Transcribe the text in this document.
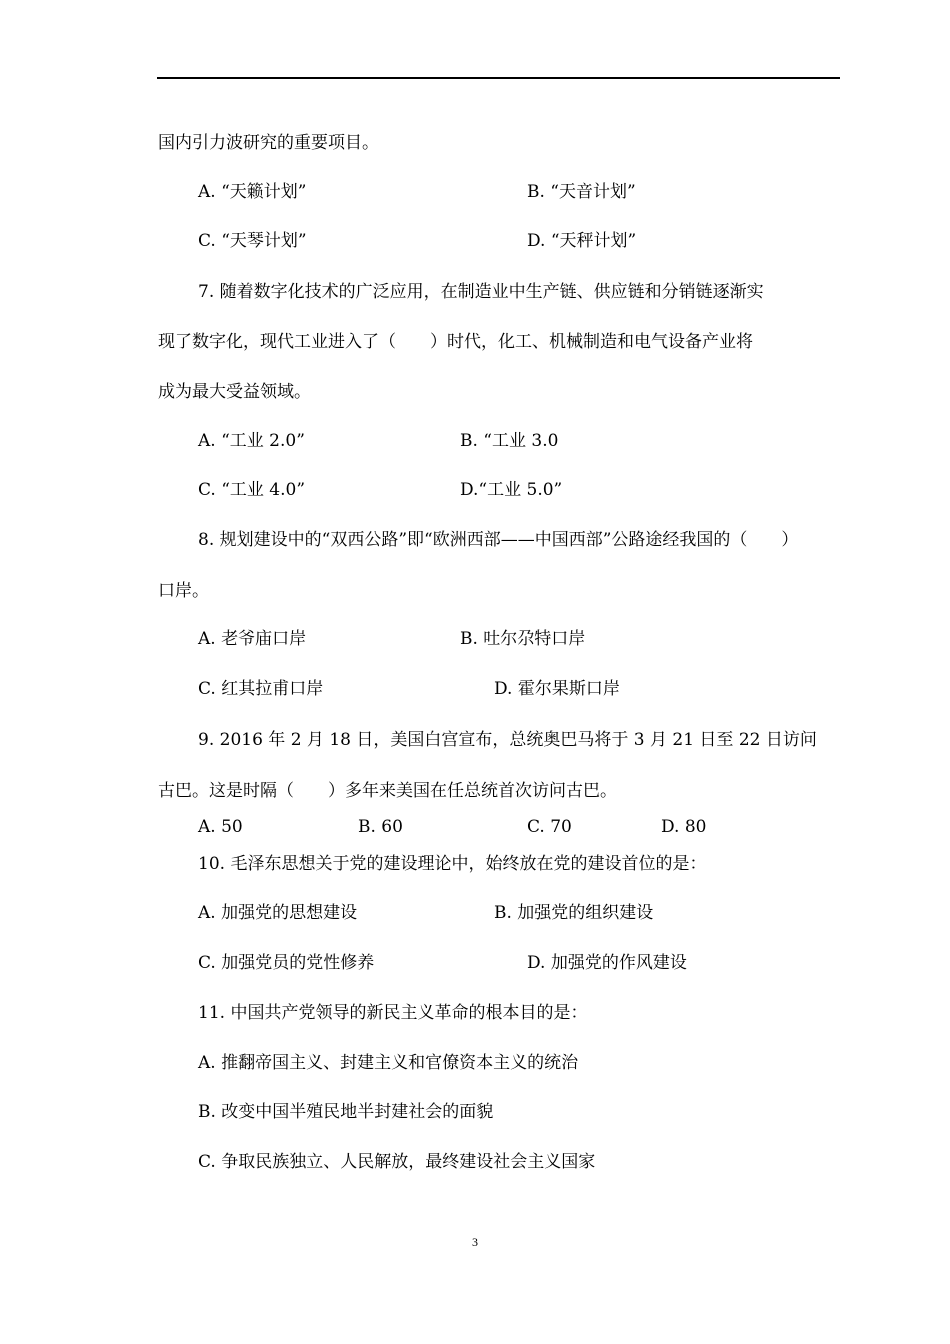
国内引力波研究的重要项目。
A. “天籁计划”	B. “天音计划”
C. “天琴计划”	D. “天秤计划”
7. 随着数字化技术的广泛应用，在制造业中生产链、供应链和分销链逐渐实
现了数字化，现代工业进入了（　　）时代，化工、机械制造和电气设备产业将
成为最大受益领域。
A. “工业 2.0”	B. “工业 3.0
C. “工业 4.0”	D.“工业 5.0”
8. 规划建设中的“双西公路”即“欧洲西部——中国西部”公路途经我国的（　　）
口岸。
A. 老爷庙口岸	B. 吐尔尕特口岸
C. 红其拉甫口岸	D. 霍尔果斯口岸
9. 2016 年 2 月 18 日，美国白宫宣布，总统奥巴马将于 3 月 21 日至 22 日访问
古巴。这是时隔（　　）多年来美国在任总统首次访问古巴。
A. 50	B. 60	C. 70	D. 80
10. 毛泽东思想关于党的建设理论中，始终放在党的建设首位的是：
A. 加强党的思想建设	B. 加强党的组织建设
C. 加强党员的党性修养	D. 加强党的作风建设
11. 中国共产党领导的新民主义革命的根本目的是：
A. 推翻帝国主义、封建主义和官僚资本主义的统治
B. 改变中国半殖民地半封建社会的面貌
C. 争取民族独立、人民解放，最终建设社会主义国家
3
